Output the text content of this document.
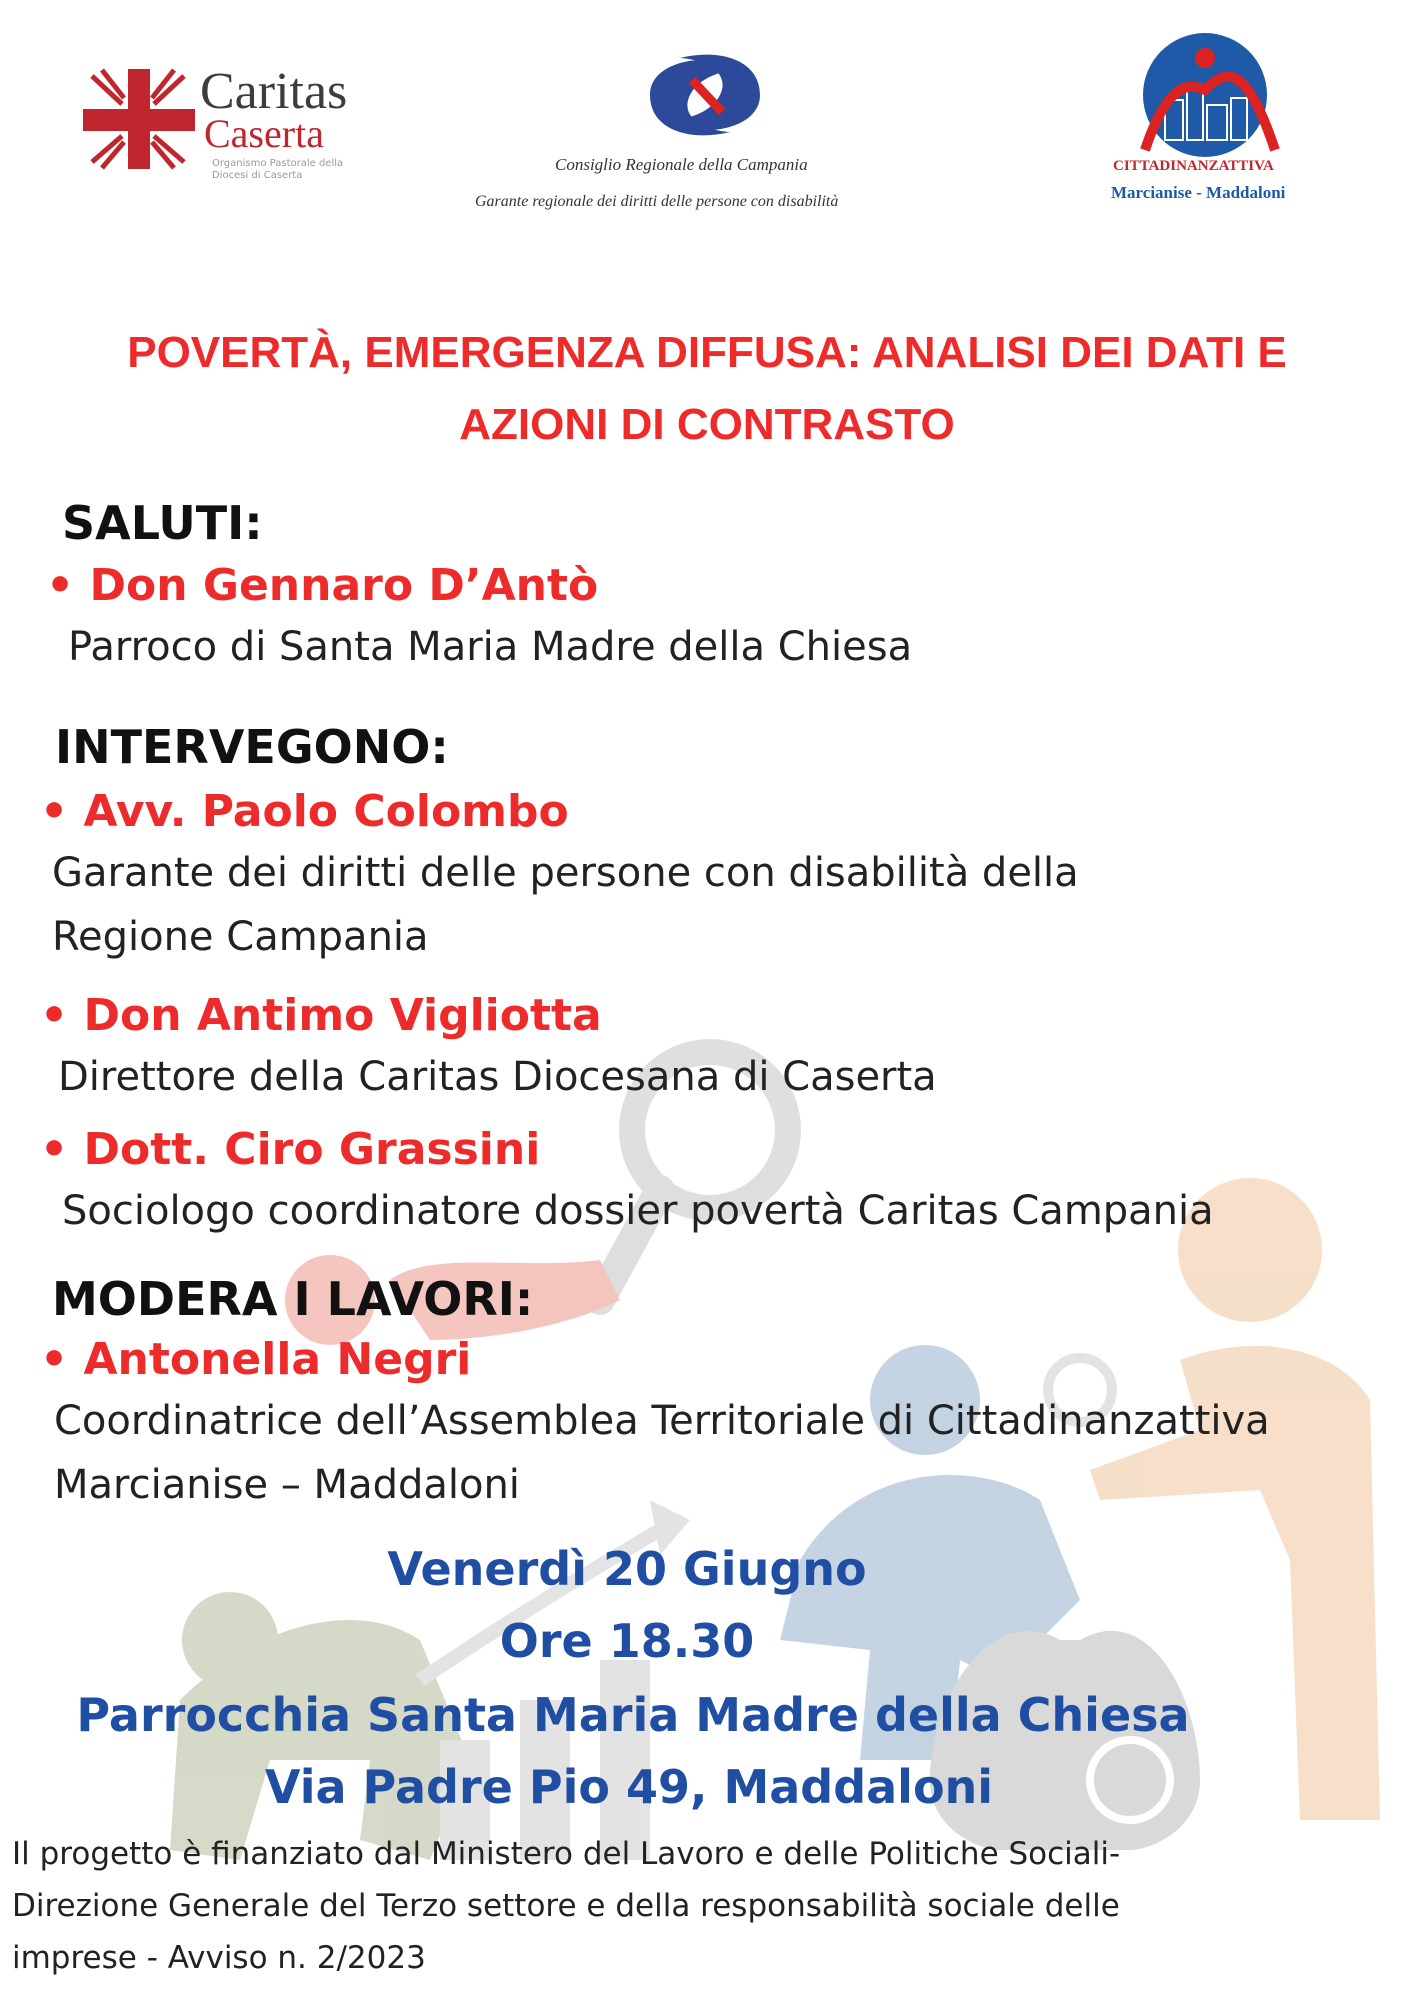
Caritas
Caserta
Organismo Pastorale della Diocesi di Caserta
Consiglio Regionale della Campania
Garante regionale dei diritti delle persone con disabilità
CITTADINANZATTIVA
Marcianise - Maddaloni
POVERTÀ, EMERGENZA DIFFUSA: ANALISI DEI DATI E
AZIONI DI CONTRASTO
SALUTI:
• Don Gennaro D’Antò
Parroco di Santa Maria Madre della Chiesa
INTERVEGONO:
• Avv. Paolo Colombo
Garante dei diritti delle persone con disabilità della
Regione Campania
• Don Antimo Vigliotta
Direttore della Caritas Diocesana di Caserta
• Dott. Ciro Grassini
Sociologo coordinatore dossier povertà Caritas Campania
MODERA I LAVORI:
• Antonella Negri
Coordinatrice dell’Assemblea Territoriale di Cittadinanzattiva
Marcianise – Maddaloni
Venerdì 20 Giugno
Ore 18.30
Parrocchia Santa Maria Madre della Chiesa
Via Padre Pio 49, Maddaloni
Il progetto è finanziato dal Ministero del Lavoro e delle Politiche Sociali-
Direzione Generale del Terzo settore e della responsabilità sociale delle
imprese - Avviso n. 2/2023
